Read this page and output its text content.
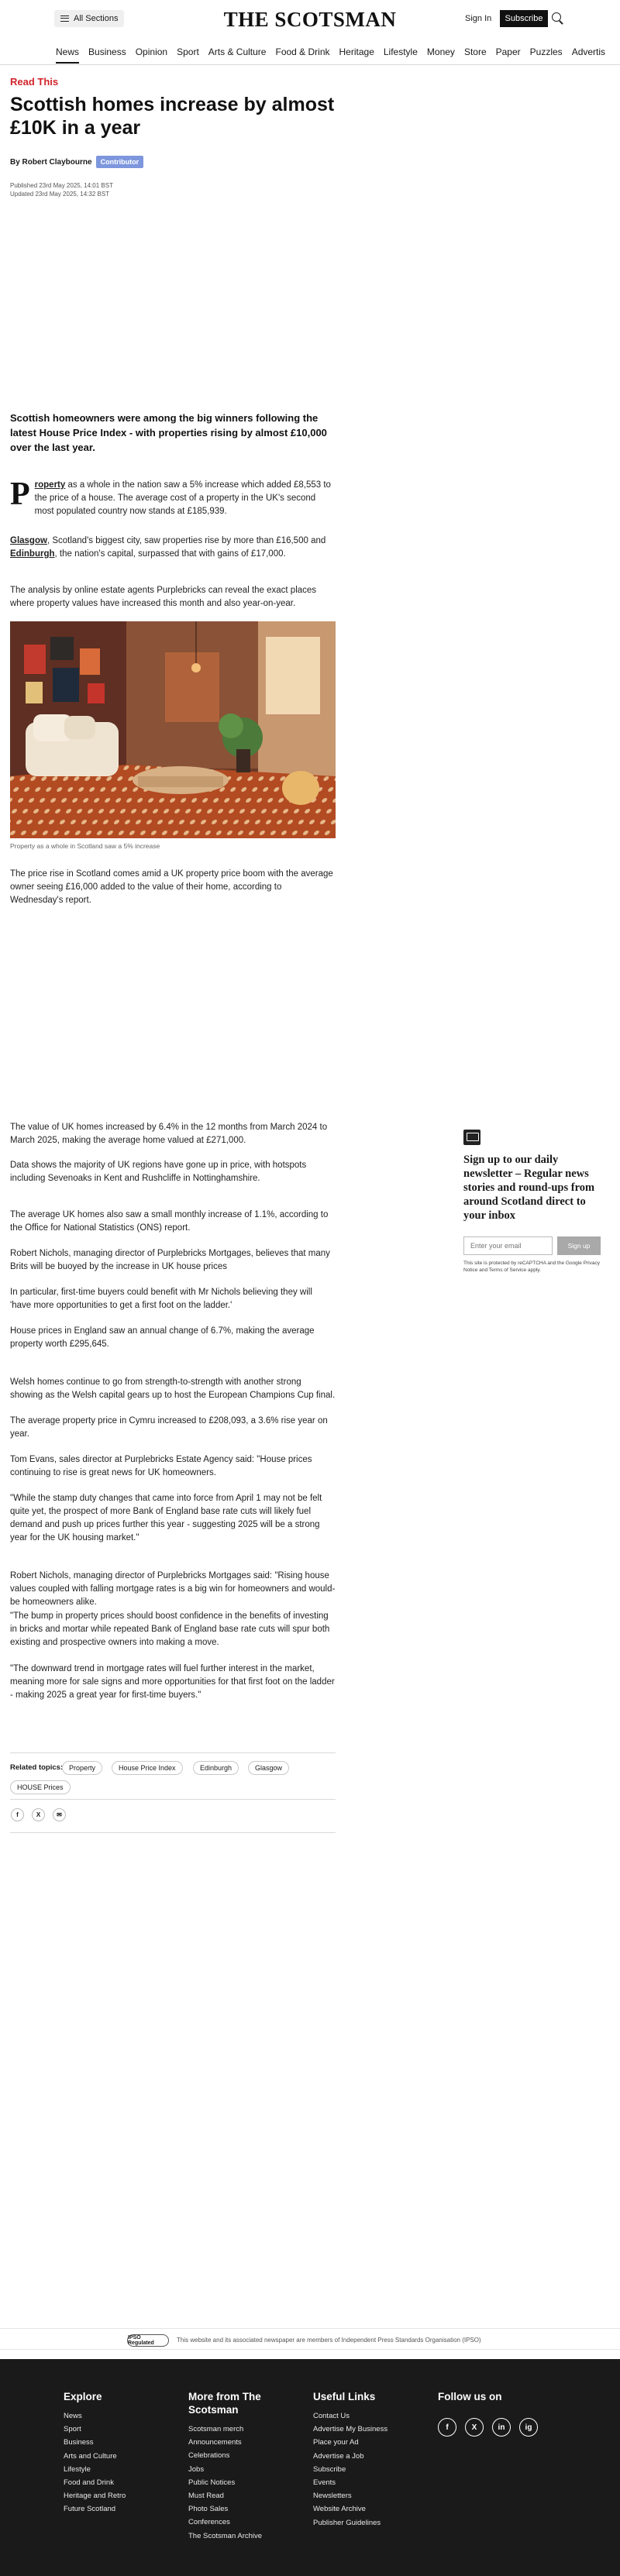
All Sections	THE SCOTSMAN	Sign In	Subscribe
News Business Opinion Sport Arts & Culture Food & Drink Heritage Lifestyle Money Store Paper Puzzles Advertis
Read This
Scottish homes increase by almost £10K in a year
By Robert Claybourne	Contributor
Published 23rd May 2025, 14:01 BST
Updated 23rd May 2025, 14:32 BST

Scottish homeowners were among the big winners following the latest House Price Index - with properties rising by almost £10,000 over the last year.

Property as a whole in the nation saw a 5% increase which added £8,553 to the price of a house. The average cost of a property in the UK's second most populated country now stands at £185,939.

Glasgow, Scotland's biggest city, saw properties rise by more than £16,500 and Edinburgh, the nation's capital, surpassed that with gains of £17,000.

The analysis by online estate agents Purplebricks can reveal the exact places where property values have increased this month and also year-on-year.

Property as a whole in Scotland saw a 5% increase

The price rise in Scotland comes amid a UK property price boom with the average owner seeing £16,000 added to the value of their home, according to Wednesday's report.

The value of UK homes increased by 6.4% in the 12 months from March 2024 to March 2025, making the average home valued at £271,000.

Data shows the majority of UK regions have gone up in price, with hotspots including Sevenoaks in Kent and Rushcliffe in Nottinghamshire.

The average UK homes also saw a small monthly increase of 1.1%, according to the Office for National Statistics (ONS) report.

Robert Nichols, managing director of Purplebricks Mortgages, believes that many Brits will be buoyed by the increase in UK house prices

In particular, first-time buyers could benefit with Mr Nichols believing they will 'have more opportunities to get a first foot on the ladder.'

House prices in England saw an annual change of 6.7%, making the average property worth £295,645.

Welsh homes continue to go from strength-to-strength with another strong showing as the Welsh capital gears up to host the European Champions Cup final.

The average property price in Cymru increased to £208,093, a 3.6% rise year on year.

Tom Evans, sales director at Purplebricks Estate Agency said: "House prices continuing to rise is great news for UK homeowners.

"While the stamp duty changes that came into force from April 1 may not be felt quite yet, the prospect of more Bank of England base rate cuts will likely fuel demand and push up prices further this year - suggesting 2025 will be a strong year for the UK housing market."

Robert Nichols, managing director of Purplebricks Mortgages said: "Rising house values coupled with falling mortgage rates is a big win for homeowners and would-be homeowners alike.

"The bump in property prices should boost confidence in the benefits of investing in bricks and mortar while repeated Bank of England base rate cuts will spur both existing and prospective owners into making a move.

"The downward trend in mortgage rates will fuel further interest in the market, meaning more for sale signs and more opportunities for that first foot on the ladder - making 2025 a great year for first-time buyers."

Related topics: Property	House Price Index	Edinburgh	Glasgow
HOUSE Prices
f	X	✉
Sign up to our daily newsletter – Regular news stories and round-ups from around Scotland direct to your inbox
Enter your email
Sign up
This site is protected by reCAPTCHA and the Google Privacy Notice and Terms of Service apply.
IPSO Regulated	This website and its associated newspaper are members of Independent Press Standards Organisation (IPSO)
Explore
News
Sport
Business
Arts and Culture
Lifestyle
Food and Drink
Heritage and Retro
Future Scotland
More from The Scotsman
Scotsman merch
Announcements
Celebrations
Jobs
Public Notices
Must Read
Photo Sales
Conferences
The Scotsman Archive
Useful Links
Contact Us
Advertise My Business
Place your Ad
Advertise a Job
Subscribe
Events
Newsletters
Website Archive
Publisher Guidelines
Follow us on
f	X	in	ig
